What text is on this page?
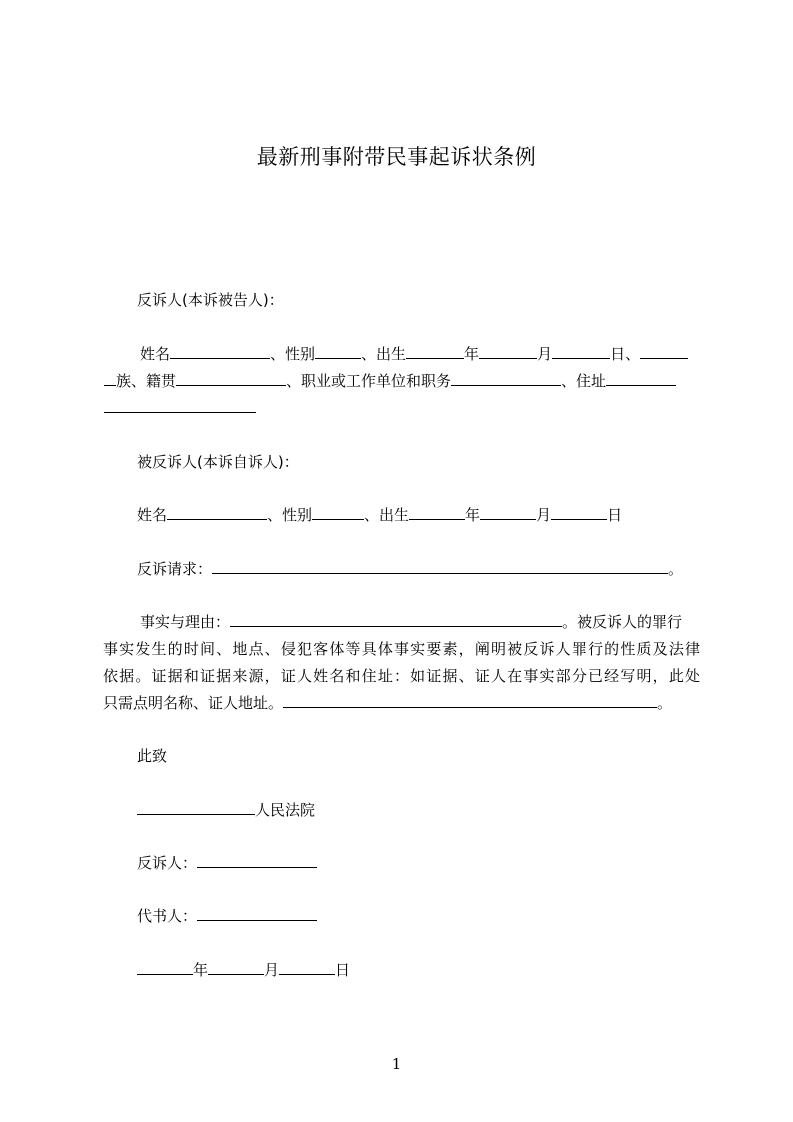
最新刑事附带民事起诉状条例
反诉人(本诉被告人)：
姓名	、性别	、出生	年	月	日、
族、籍贯	、职业或工作单位和职务	、住址
被反诉人(本诉自诉人)：
姓名	、性别	、出生	年	月	日
反诉请求：	。
事实与理由：	。被反诉人的罪行
事实发生的时间、地点、侵犯客体等具体事实要素，阐明被反诉人罪行的性质及法律
依据。证据和证据来源，证人姓名和住址：如证据、证人在事实部分已经写明，此处
只需点明名称、证人地址。	。
此致
人民法院
反诉人：
代书人：
年	月	日
1
